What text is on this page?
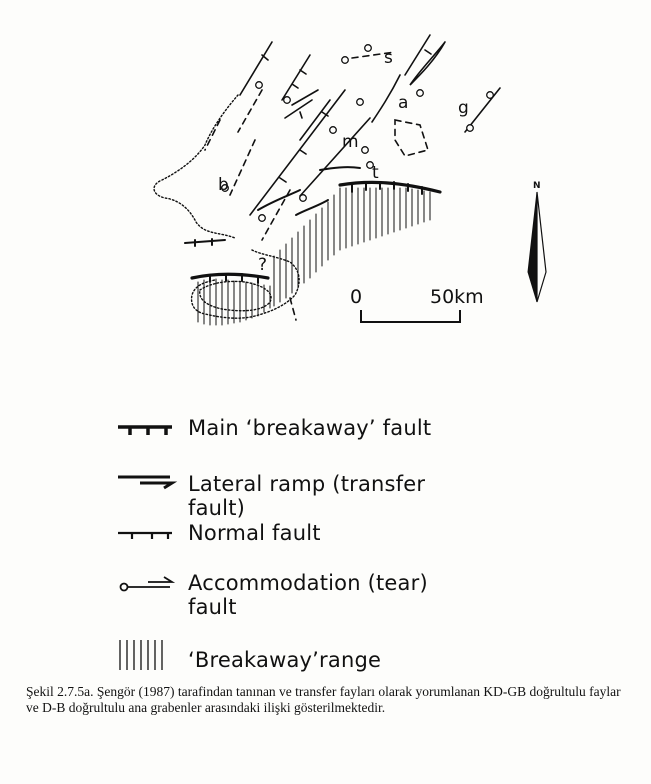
s
a	g
m
t
b
?
N
0	50km
Main ‘breakaway’ fault
Lateral ramp (transfer
fault)
Normal fault
Accommodation (tear)
fault
‘Breakaway’range
Şekil 2.7.5a. Şengör (1987) tarafindan tanınan ve transfer fayları olarak yorumlanan KD-GB doğrultulu faylar ve D-B doğrultulu ana grabenler arasındaki ilişki gösterilmektedir.
